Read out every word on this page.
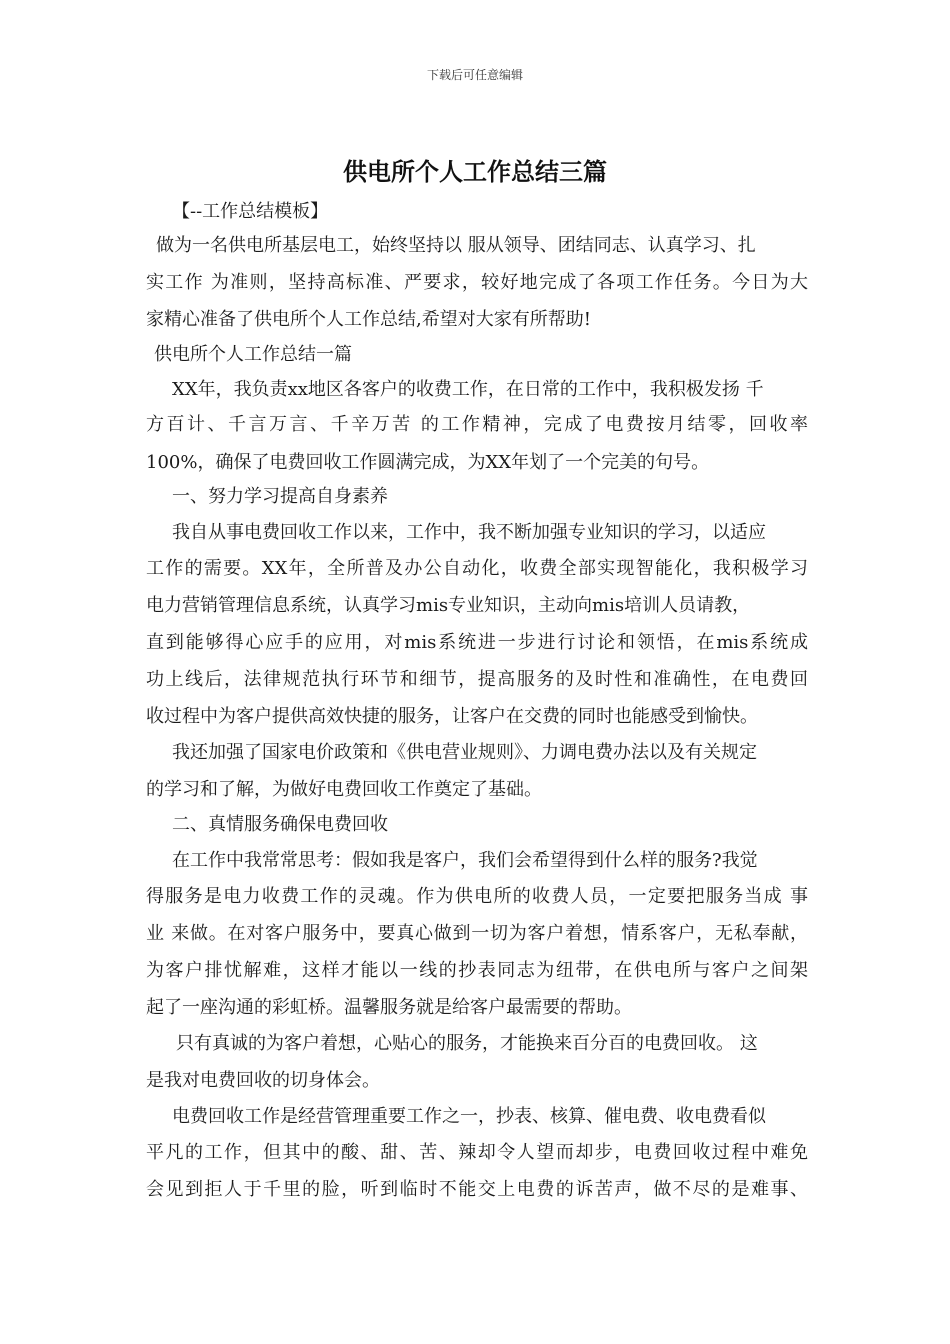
下载后可任意编辑
供电所个人工作总结三篇
【--工作总结模板】
做为一名供电所基层电工，始终坚持以 服从领导、团结同志、认真学习、扎
实工作 为准则，坚持高标准、严要求，较好地完成了各项工作任务。今日为大
家精心准备了供电所个人工作总结,希望对大家有所帮助!
供电所个人工作总结一篇
XX年，我负责xx地区各客户的收费工作，在日常的工作中，我积极发扬 千
方百计、千言万言、千辛万苦 的工作精神，完成了电费按月结零，回收率
100%，确保了电费回收工作圆满完成，为XX年划了一个完美的句号。
一、努力学习提高自身素养
我自从事电费回收工作以来，工作中，我不断加强专业知识的学习，以适应
工作的需要。XX年，全所普及办公自动化，收费全部实现智能化，我积极学习
电力营销管理信息系统，认真学习mis专业知识，主动向mis培训人员请教，
直到能够得心应手的应用，对mis系统进一步进行讨论和领悟，在mis系统成
功上线后，法律规范执行环节和细节，提高服务的及时性和准确性，在电费回
收过程中为客户提供高效快捷的服务，让客户在交费的同时也能感受到愉快。
我还加强了国家电价政策和《供电营业规则》、力调电费办法以及有关规定
的学习和了解，为做好电费回收工作奠定了基础。
二、真情服务确保电费回收
在工作中我常常思考：假如我是客户，我们会希望得到什么样的服务?我觉
得服务是电力收费工作的灵魂。作为供电所的收费人员，一定要把服务当成 事
业 来做。在对客户服务中，要真心做到一切为客户着想，情系客户，无私奉献，
为客户排忧解难，这样才能以一线的抄表同志为纽带，在供电所与客户之间架
起了一座沟通的彩虹桥。温馨服务就是给客户最需要的帮助。
只有真诚的为客户着想，心贴心的服务，才能换来百分百的电费回收。 这
是我对电费回收的切身体会。
电费回收工作是经营管理重要工作之一，抄表、核算、催电费、收电费看似
平凡的工作，但其中的酸、甜、苦、辣却令人望而却步，电费回收过程中难免
会见到拒人于千里的脸，听到临时不能交上电费的诉苦声，做不尽的是难事、
